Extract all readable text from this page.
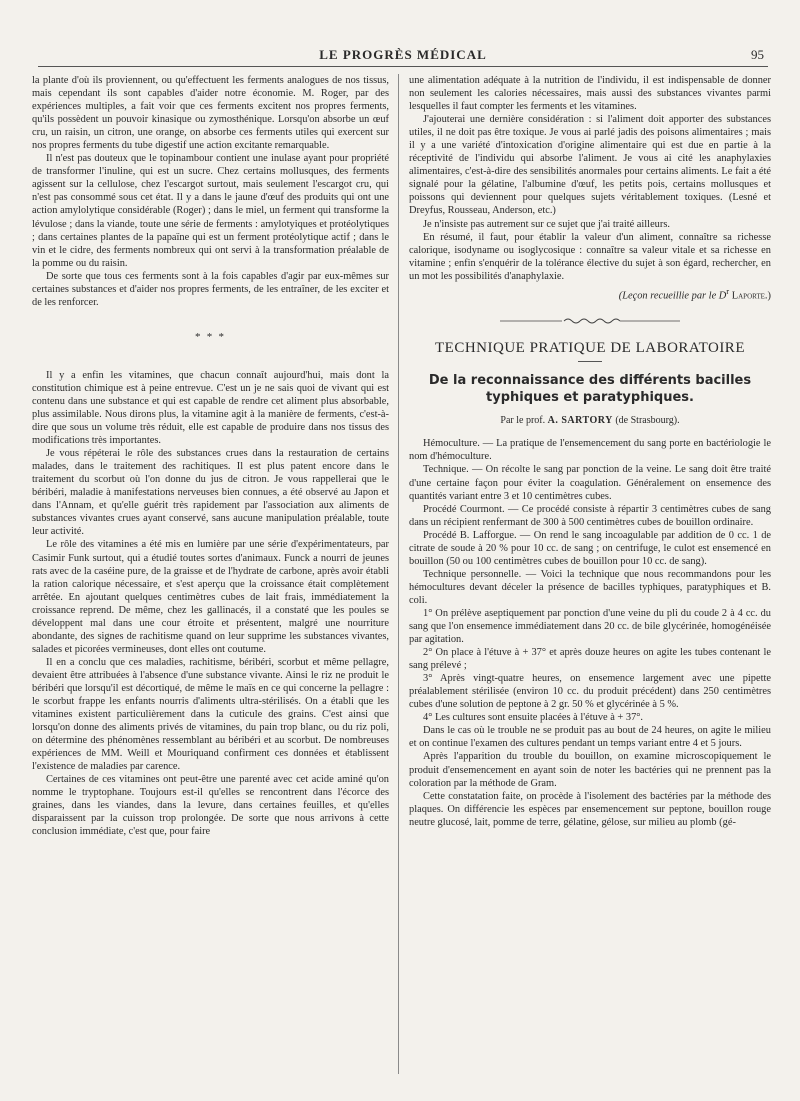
LE PROGRÈS MÉDICAL	95

la plante d'où ils proviennent, ou qu'effectuent les ferments analogues de nos tissus, mais cependant ils sont capables d'aider notre économie. M. Roger, par des expériences multiples, a fait voir que ces ferments excitent nos propres ferments, qu'ils possèdent un pouvoir kinasique ou zymosthénique. Lorsqu'on absorbe un œuf cru, un raisin, un citron, une orange, on absorbe ces ferments utiles qui exercent sur nos propres ferments du tube digestif une action excitante remarquable.

Il n'est pas douteux que le topinambour contient une inulase ayant pour propriété de transformer l'inuline, qui est un sucre. Chez certains mollusques, des ferments agissent sur la cellulose, chez l'escargot surtout, mais seulement l'escargot cru, qui n'est pas consommé sous cet état. Il y a dans le jaune d'œuf des produits qui ont une action amylolytique considérable (Roger) ; dans le miel, un ferment qui transforme la lévulose ; dans la viande, toute une série de ferments : amylotyiques et protéolytiques ; dans certaines plantes de la papaïne qui est un ferment protéolytique actif ; dans le vin et le cidre, des ferments nombreux qui ont servi à la transformation préalable de la pomme ou du raisin.

De sorte que tous ces ferments sont à la fois capables d'agir par eux-mêmes sur certaines substances et d'aider nos propres ferments, de les entraîner, de les exciter et de les renforcer.

* * *

Il y a enfin les vitamines, que chacun connaît aujourd'hui, mais dont la constitution chimique est à peine entrevue. C'est un je ne sais quoi de vivant qui est contenu dans une substance et qui est capable de rendre cet aliment plus absorbable, plus assimilable. Nous dirons plus, la vitamine agit à la manière de ferments, c'est-à-dire que sous un volume très réduit, elle est capable de produire dans nos tissus des modifications très importantes.

Je vous répéterai le rôle des substances crues dans la restauration de certains malades, dans le traitement des rachitiques. Il est plus patent encore dans le traitement du scorbut où l'on donne du jus de citron. Je vous rappellerai que le béribéri, maladie à manifestations nerveuses bien connues, a été observé au Japon et dans l'Annam, et qu'elle guérit très rapidement par l'association aux aliments de substances vivantes crues ayant conservé, sans aucune manipulation préalable, toute leur activité.

Le rôle des vitamines a été mis en lumière par une série d'expérimentateurs, par Casimir Funk surtout, qui a étudié toutes sortes d'animaux. Funck a nourri de jeunes rats avec de la caséine pure, de la graisse et de l'hydrate de carbone, après avoir établi la ration calorique nécessaire, et s'est aperçu que la croissance était complètement arrêtée. En ajoutant quelques centimètres cubes de lait frais, immédiatement la croissance reprend. De même, chez les gallinacés, il a constaté que les poules se développent mal dans une cour étroite et présentent, malgré une nourriture abondante, des signes de rachitisme quand on leur supprime les substances vivantes, salades et picorées vermineuses, dont elles ont coutume.

Il en a conclu que ces maladies, rachitisme, béribéri, scorbut et même pellagre, devaient être attribuées à l'absence d'une substance vivante. Ainsi le riz ne produit le béribéri que lorsqu'il est décortiqué, de même le maïs en ce qui concerne la pellagre : le scorbut frappe les enfants nourris d'aliments ultra-stérilisés. On a établi que les vitamines existent particulièrement dans la cuticule des grains. C'est ainsi que lorsqu'on donne des aliments privés de vitamines, du pain trop blanc, ou du riz poli, on détermine des phénomènes ressemblant au béribéri et au scorbut. De nombreuses expériences de MM. Weill et Mouriquand confirment ces données et établissent l'existence de maladies par carence.

Certaines de ces vitamines ont peut-être une parenté avec cet acide aminé qu'on nomme le tryptophane. Toujours est-il qu'elles se rencontrent dans l'écorce des graines, dans les viandes, dans la levure, dans certaines feuilles, et qu'elles disparaissent par la cuisson trop prolongée. De sorte que nous arrivons à cette conclusion immédiate, c'est que, pour faire

une alimentation adéquate à la nutrition de l'individu, il est indispensable de donner non seulement les calories nécessaires, mais aussi des substances vivantes parmi lesquelles il faut compter les ferments et les vitamines.

J'ajouterai une dernière considération : si l'aliment doit apporter des substances utiles, il ne doit pas être toxique. Je vous ai parlé jadis des poisons alimentaires ; mais il y a une variété d'intoxication d'origine alimentaire qui est due en partie à la réceptivité de l'individu qui absorbe l'aliment. Je vous ai cité les anaphylaxies alimentaires, c'est-à-dire des sensibilités anormales pour certains aliments. Le fait a été signalé pour la gélatine, l'albumine d'œuf, les petits pois, certains mollusques et poissons qui deviennent pour quelques sujets véritablement toxiques. (Lesné et Dreyfus, Rousseau, Anderson, etc.)

Je n'insiste pas autrement sur ce sujet que j'ai traité ailleurs.

En résumé, il faut, pour établir la valeur d'un aliment, connaître sa richesse calorique, isodyname ou isoglycosique : connaître sa valeur vitale et sa richesse en vitamine ; enfin s'enquérir de la tolérance élective du sujet à son égard, rechercher, en un mot les possibilités d'anaphylaxie.

(Leçon recueillie par le $D^r$ Laporte.)

TECHNIQUE PRATIQUE DE LABORATOIRE
De la reconnaissance des différents bacilles typhiques et paratyphiques.
Par le prof. A. SARTORY (de Strasbourg).

Hémoculture. — La pratique de l'ensemencement du sang porte en bactériologie le nom d'hémoculture.

Technique. — On récolte le sang par ponction de la veine. Le sang doit être traité d'une certaine façon pour éviter la coagulation. Généralement on ensemence des quantités variant entre 3 et 10 centimètres cubes.

Procédé Courmont. — Ce procédé consiste à répartir 3 centimètres cubes de sang dans un récipient renfermant de 300 à 500 centimètres cubes de bouillon ordinaire.

Procédé B. Lafforgue. — On rend le sang incoagulable par addition de 0 cc. 1 de citrate de soude à 20 % pour 10 cc. de sang ; on centrifuge, le culot est ensemencé en bouillon (50 ou 100 centimètres cubes de bouillon pour 10 cc. de sang).

Technique personnelle. — Voici la technique que nous recommandons pour les hémocultures devant déceler la présence de bacilles typhiques, paratyphiques et B. coli.

1° On prélève aseptiquement par ponction d'une veine du pli du coude 2 à 4 cc. du sang que l'on ensemence immédiatement dans 20 cc. de bile glycérinée, homogénéisée par agitation.

2° On place à l'étuve à + 37° et après douze heures on agite les tubes contenant le sang prélevé ;

3° Après vingt-quatre heures, on ensemence largement avec une pipette préalablement stérilisée (environ 10 cc. du produit précédent) dans 250 centimètres cubes d'une solution de peptone à 2 gr. 50 % et glycérinée à 5 %.

4° Les cultures sont ensuite placées à l'étuve à + 37°.

Dans le cas où le trouble ne se produit pas au bout de 24 heures, on agite le milieu et on continue l'examen des cultures pendant un temps variant entre 4 et 5 jours.

Après l'apparition du trouble du bouillon, on examine microscopiquement le produit d'ensemencement en ayant soin de noter les bactéries qui ne prennent pas la coloration par la méthode de Gram.

Cette constatation faite, on procède à l'isolement des bactéries par la méthode des plaques. On différencie les espèces par ensemencement sur peptone, bouillon rouge neutre glucosé, lait, pomme de terre, gélatine, gélose, sur milieu au plomb (gé-
